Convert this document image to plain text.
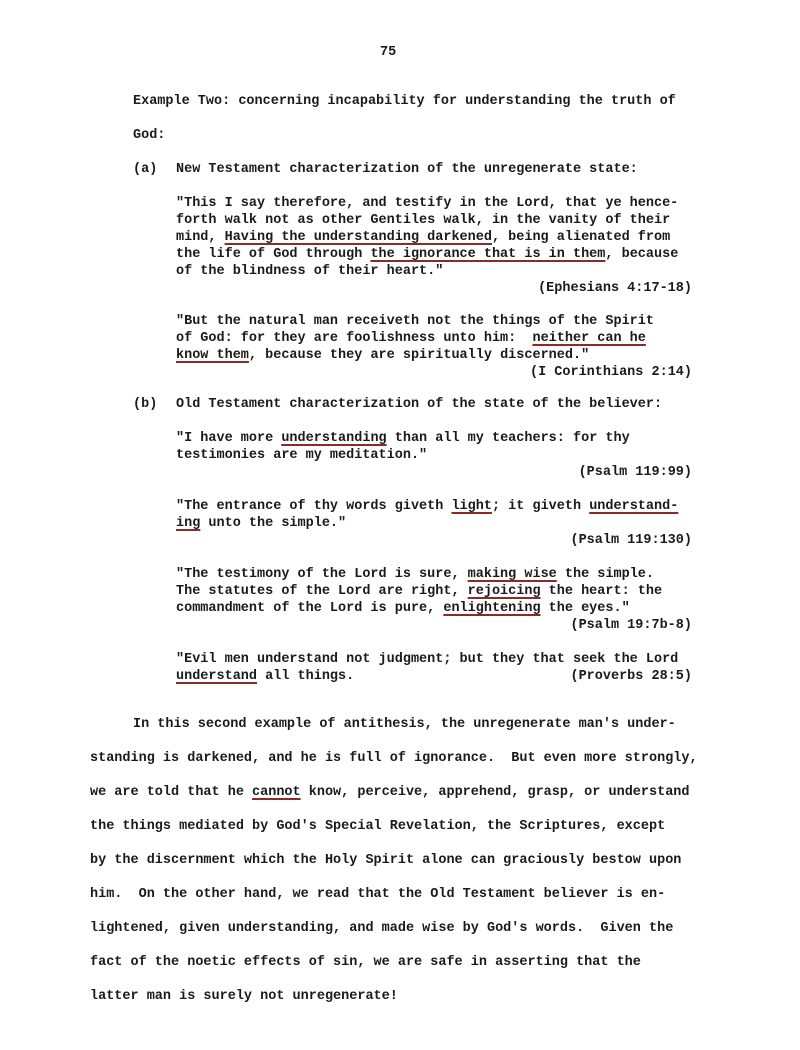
75
Example Two: concerning incapability for understanding the truth of
God:
(a) New Testament characterization of the unregenerate state:
"This I say therefore, and testify in the Lord, that ye hence-
forth walk not as other Gentiles walk, in the vanity of their
mind, Having the understanding darkened, being alienated from
the life of God through the ignorance that is in them, because
of the blindness of their heart."
(Ephesians 4:17-18)
"But the natural man receiveth not the things of the Spirit
of God: for they are foolishness unto him:  neither can he
know them, because they are spiritually discerned."
(I Corinthians 2:14)
(b) Old Testament characterization of the state of the believer:
"I have more understanding than all my teachers: for thy
testimonies are my meditation."
(Psalm 119:99)
"The entrance of thy words giveth light; it giveth understand-
ing unto the simple."
(Psalm 119:130)
"The testimony of the Lord is sure, making wise the simple.
The statutes of the Lord are right, rejoicing the heart: the
commandment of the Lord is pure, enlightening the eyes."
(Psalm 19:7b-8)
"Evil men understand not judgment; but they that seek the Lord
understand all things.	(Proverbs 28:5)
In this second example of antithesis, the unregenerate man's under-
standing is darkened, and he is full of ignorance.  But even more strongly,
we are told that he cannot know, perceive, apprehend, grasp, or understand
the things mediated by God's Special Revelation, the Scriptures, except
by the discernment which the Holy Spirit alone can graciously bestow upon
him.  On the other hand, we read that the Old Testament believer is en-
lightened, given understanding, and made wise by God's words.  Given the
fact of the noetic effects of sin, we are safe in asserting that the
latter man is surely not unregenerate!
